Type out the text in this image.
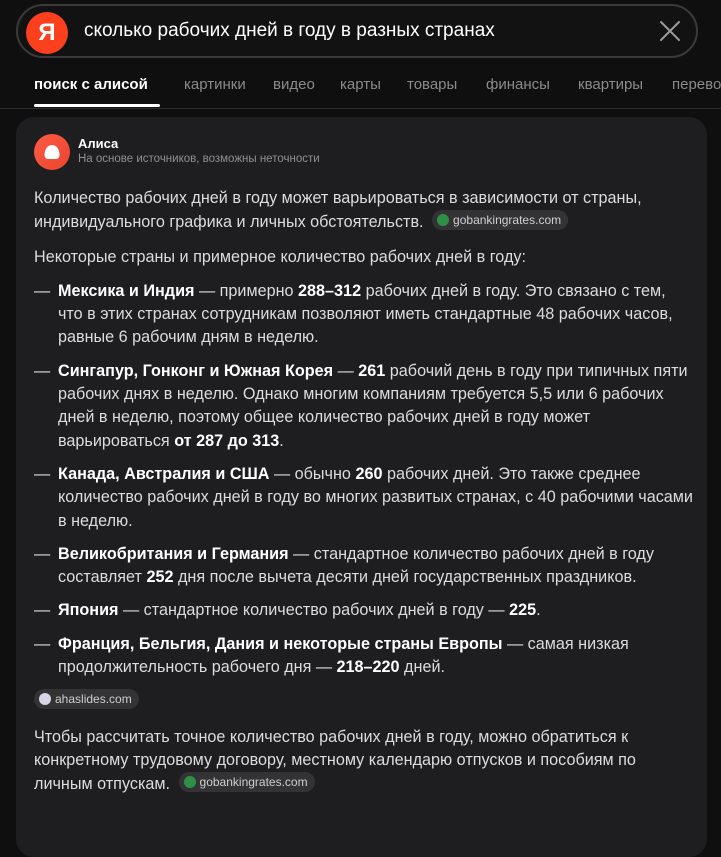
Я	сколько рабочих дней в году в разных странах
поиск с алисой картинки видео карты товары финансы квартиры перево
Алиса
На основе источников, возможны неточности

Количество рабочих дней в году может варьироваться в зависимости от страны, индивидуального графика и личных обстоятельств. gobankingrates.com

Некоторые страны и примерное количество рабочих дней в году:

— Мексика и Индия — примерно 288–312 рабочих дней в году. Это связано с тем, что в этих странах сотрудникам позволяют иметь стандартные 48 рабочих часов, равные 6 рабочим дням в неделю.
— Сингапур, Гонконг и Южная Корея — 261 рабочий день в году при типичных пяти рабочих днях в неделю. Однако многим компаниям требуется 5,5 или 6 рабочих дней в неделю, поэтому общее количество рабочих дней в году может варьироваться от 287 до 313.
— Канада, Австралия и США — обычно 260 рабочих дней. Это также среднее количество рабочих дней в году во многих развитых странах, с 40 рабочими часами в неделю.
— Великобритания и Германия — стандартное количество рабочих дней в году составляет 252 дня после вычета десяти дней государственных праздников.
— Япония — стандартное количество рабочих дней в году — 225.
— Франция, Бельгия, Дания и некоторые страны Европы — самая низкая продолжительность рабочего дня — 218–220 дней.
ahaslides.com

Чтобы рассчитать точное количество рабочих дней в году, можно обратиться к конкретному трудовому договору, местному календарю отпусков и пособиям по личным отпускам. gobankingrates.com
